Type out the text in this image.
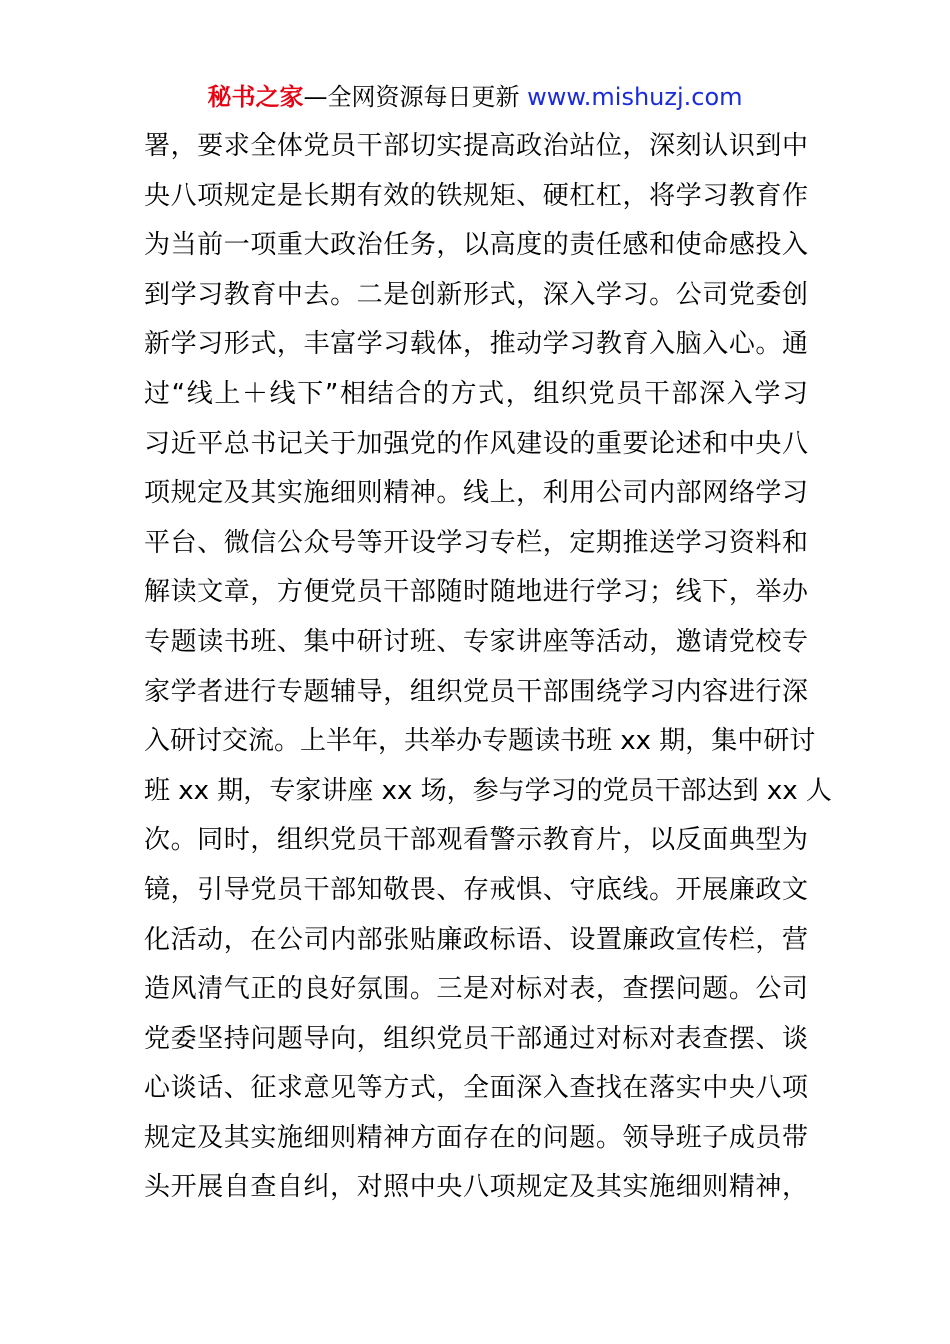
秘书之家—全网资源每日更新 www.mishuzj.com
署，要求全体党员干部切实提高政治站位，深刻认识到中
央八项规定是长期有效的铁规矩、硬杠杠，将学习教育作
为当前一项重大政治任务，以高度的责任感和使命感投入
到学习教育中去。二是创新形式，深入学习。公司党委创
新学习形式，丰富学习载体，推动学习教育入脑入心。通
过“线上＋线下”相结合的方式，组织党员干部深入学习
习近平总书记关于加强党的作风建设的重要论述和中央八
项规定及其实施细则精神。线上，利用公司内部网络学习
平台、微信公众号等开设学习专栏，定期推送学习资料和
解读文章，方便党员干部随时随地进行学习；线下，举办
专题读书班、集中研讨班、专家讲座等活动，邀请党校专
家学者进行专题辅导，组织党员干部围绕学习内容进行深
入研讨交流。上半年，共举办专题读书班 xx 期，集中研讨
班 xx 期，专家讲座 xx 场，参与学习的党员干部达到 xx 人
次。同时，组织党员干部观看警示教育片，以反面典型为
镜，引导党员干部知敬畏、存戒惧、守底线。开展廉政文
化活动，在公司内部张贴廉政标语、设置廉政宣传栏，营
造风清气正的良好氛围。三是对标对表，查摆问题。公司
党委坚持问题导向，组织党员干部通过对标对表查摆、谈
心谈话、征求意见等方式，全面深入查找在落实中央八项
规定及其实施细则精神方面存在的问题。领导班子成员带
头开展自查自纠，对照中央八项规定及其实施细则精神，
